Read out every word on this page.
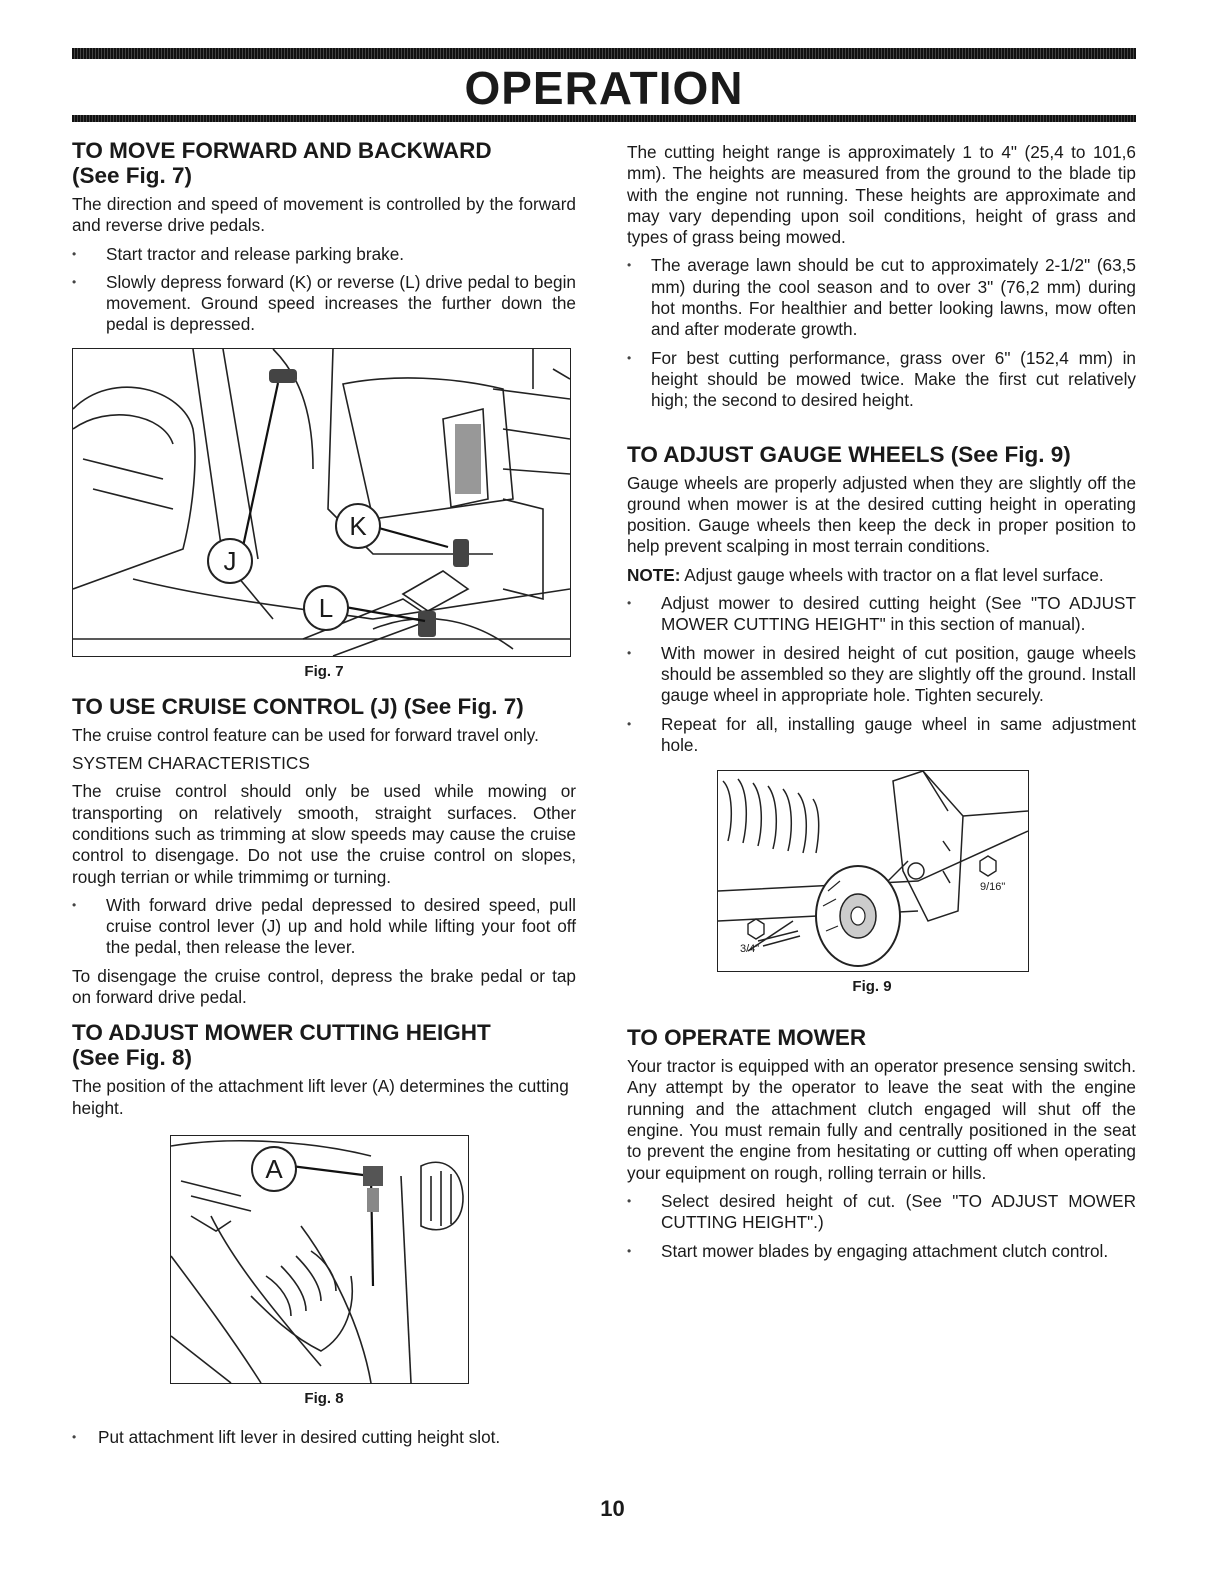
OPERATION
TO MOVE FORWARD AND BACKWARD
(See Fig. 7)

The direction and speed of movement is controlled by the forward and reverse drive pedals.

• Start tractor and release parking brake.
• Slowly depress forward (K) or reverse (L) drive pedal to begin movement. Ground speed increases the further down the pedal is depressed.
J
K
L
Fig. 7
TO USE CRUISE CONTROL (J) (See Fig. 7)

The cruise control feature can be used for forward travel only.

SYSTEM CHARACTERISTICS

The cruise control should only be used while mowing or transporting on relatively smooth, straight surfaces. Other conditions such as trimming at slow speeds may cause the cruise control to disengage. Do not use the cruise control on slopes, rough terrian or while trimmimg or turning.

• With forward drive pedal depressed to desired speed, pull cruise control lever (J) up and hold while lifting your foot off the pedal, then release the lever.

To disengage the cruise control, depress the brake pedal or tap on forward drive pedal.

TO ADJUST MOWER CUTTING HEIGHT
(See Fig. 8)

The position of the attachment lift lever (A) determines the cutting height.

A
Fig. 8
• Put attachment lift lever in desired cutting height slot.

The cutting height range is approximately 1 to 4" (25,4 to 101,6 mm). The heights are measured from the ground to the blade tip with the engine not running. These heights are approximate and may vary depending upon soil conditions, height of grass and types of grass being mowed.

• The average lawn should be cut to approximately 2-1/2" (63,5 mm) during the cool season and to over 3" (76,2 mm) during hot months. For healthier and better looking lawns, mow often and after moderate growth.
• For best cutting performance, grass over 6" (152,4 mm) in height should be mowed twice. Make the first cut relatively high; the second to desired height.
TO ADJUST GAUGE WHEELS (See Fig. 9)

Gauge wheels are properly adjusted when they are slightly off the ground when mower is at the desired cutting height in operating position. Gauge wheels then keep the deck in proper position to help prevent scalping in most terrain conditions.

NOTE: Adjust gauge wheels with tractor on a flat level surface.

• Adjust mower to desired cutting height (See "TO ADJUST MOWER CUTTING HEIGHT" in this section of manual).
• With mower in desired height of cut position, gauge wheels should be assembled so they are slightly off the ground. Install gauge wheel in appropriate hole. Tighten securely.
• Repeat for all, installing gauge wheel in same adjustment hole.
9/16"
3/4"
Fig. 9
TO OPERATE MOWER

Your tractor is equipped with an operator presence sensing switch. Any attempt by the operator to leave the seat with the engine running and the attachment clutch engaged will shut off the engine. You must remain fully and centrally positioned in the seat to prevent the engine from hesitating or cutting off when operating your equipment on rough, rolling terrain or hills.

• Select desired height of cut. (See "TO ADJUST MOWER CUTTING HEIGHT".)
• Start mower blades by engaging attachment clutch control.
10
